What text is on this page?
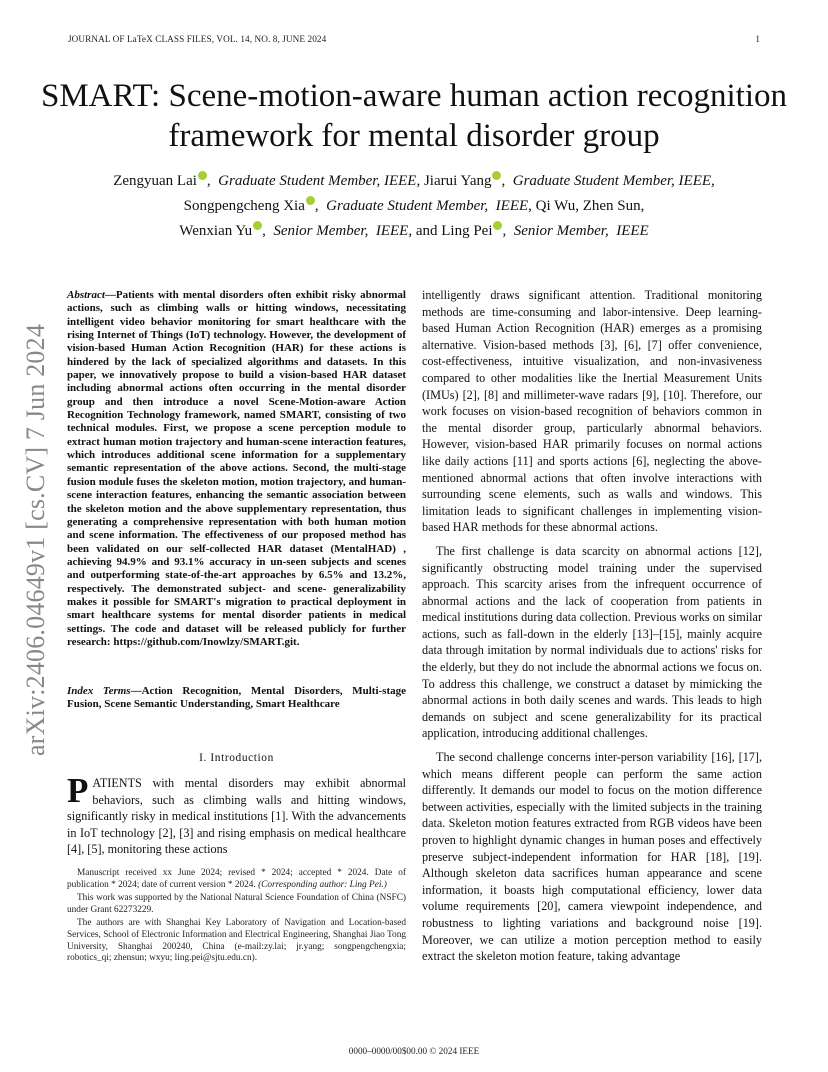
JOURNAL OF LaTeX CLASS FILES, VOL. 14, NO. 8, JUNE 2024	1
SMART: Scene-motion-aware human action recognition framework for mental disorder group
Zengyuan Lai , Graduate Student Member, IEEE, Jiarui Yang , Graduate Student Member, IEEE,
Songpengcheng Xia , Graduate Student Member, IEEE, Qi Wu, Zhen Sun,
Wenxian Yu , Senior Member, IEEE, and Ling Pei , Senior Member, IEEE
arXiv:2406.04649v1 [cs.CV] 7 Jun 2024
Abstract—Patients with mental disorders often exhibit risky abnormal actions, such as climbing walls or hitting windows, necessitating intelligent video behavior monitoring for smart healthcare with the rising Internet of Things (IoT) technology. However, the development of vision-based Human Action Recognition (HAR) for these actions is hindered by the lack of specialized algorithms and datasets. In this paper, we innovatively propose to build a vision-based HAR dataset including abnormal actions often occurring in the mental disorder group and then introduce a novel Scene-Motion-aware Action Recognition Technology framework, named SMART, consisting of two technical modules. First, we propose a scene perception module to extract human motion trajectory and human-scene interaction features, which introduces additional scene information for a supplementary semantic representation of the above actions. Second, the multi-stage fusion module fuses the skeleton motion, motion trajectory, and human-scene interaction features, enhancing the semantic association between the skeleton motion and the above supplementary representation, thus generating a comprehensive representation with both human motion and scene information. The effectiveness of our proposed method has been validated on our self-collected HAR dataset (MentalHAD) , achieving 94.9% and 93.1% accuracy in un-seen subjects and scenes and outperforming state-of-the-art approaches by 6.5% and 13.2%, respectively. The demonstrated subject- and scene- generalizability makes it possible for SMART's migration to practical deployment in smart healthcare systems for mental disorder patients in medical settings. The code and dataset will be released publicly for further research: https://github.com/Inowlzy/SMART.git.
Index Terms—Action Recognition, Mental Disorders, Multi-stage Fusion, Scene Semantic Understanding, Smart Healthcare
I. Introduction
PATIENTS with mental disorders may exhibit abnormal behaviors, such as climbing walls and hitting windows, significantly risky in medical institutions [1]. With the advancements in IoT technology [2], [3] and rising emphasis on medical healthcare [4], [5], monitoring these actions

Manuscript received xx June 2024; revised * 2024; accepted * 2024. Date of publication * 2024; date of current version * 2024. (Corresponding author: Ling Pei.)

This work was supported by the National Natural Science Foundation of China (NSFC) under Grant 62273229.

The authors are with Shanghai Key Laboratory of Navigation and Location-based Services, School of Electronic Information and Electrical Engineering, Shanghai Jiao Tong University, Shanghai 200240, China (e-mail:zy.lai; jr.yang; songpengchengxia; robotics_qi; zhensun; wxyu; ling.pei@sjtu.edu.cn).

intelligently draws significant attention. Traditional monitoring methods are time-consuming and labor-intensive. Deep learning-based Human Action Recognition (HAR) emerges as a promising alternative. Vision-based methods [3], [6], [7] offer convenience, cost-effectiveness, intuitive visualization, and non-invasiveness compared to other modalities like the Inertial Measurement Units (IMUs) [2], [8] and millimeter-wave radars [9], [10]. Therefore, our work focuses on vision-based recognition of behaviors common in the mental disorder group, particularly abnormal behaviors. However, vision-based HAR primarily focuses on normal actions like daily actions [11] and sports actions [6], neglecting the above-mentioned abnormal actions that often involve interactions with surrounding scene elements, such as walls and windows. This limitation leads to significant challenges in implementing vision-based HAR methods for these abnormal actions.

The first challenge is data scarcity on abnormal actions [12], significantly obstructing model training under the supervised approach. This scarcity arises from the infrequent occurrence of abnormal actions and the lack of cooperation from patients in medical institutions during data collection. Previous works on similar actions, such as fall-down in the elderly [13]–[15], mainly acquire data through imitation by normal individuals due to actions' risks for the elderly, but they do not include the abnormal actions we focus on. To address this challenge, we construct a dataset by mimicking the abnormal actions in both daily scenes and wards. This leads to high demands on subject and scene generalizability for its practical application, introducing additional challenges.

The second challenge concerns inter-person variability [16], [17], which means different people can perform the same action differently. It demands our model to focus on the motion difference between activities, especially with the limited subjects in the training data. Skeleton motion features extracted from RGB videos have been proven to highlight dynamic changes in human poses and effectively preserve subject-independent information for HAR [18], [19]. Although skeleton data sacrifices human appearance and scene information, it boasts high computational efficiency, lower data volume requirements [20], camera viewpoint independence, and robustness to lighting variations and background noise [19]. Moreover, we can utilize a motion perception method to easily extract the skeleton motion feature, taking advantage

0000–0000/00$00.00 © 2024 IEEE
